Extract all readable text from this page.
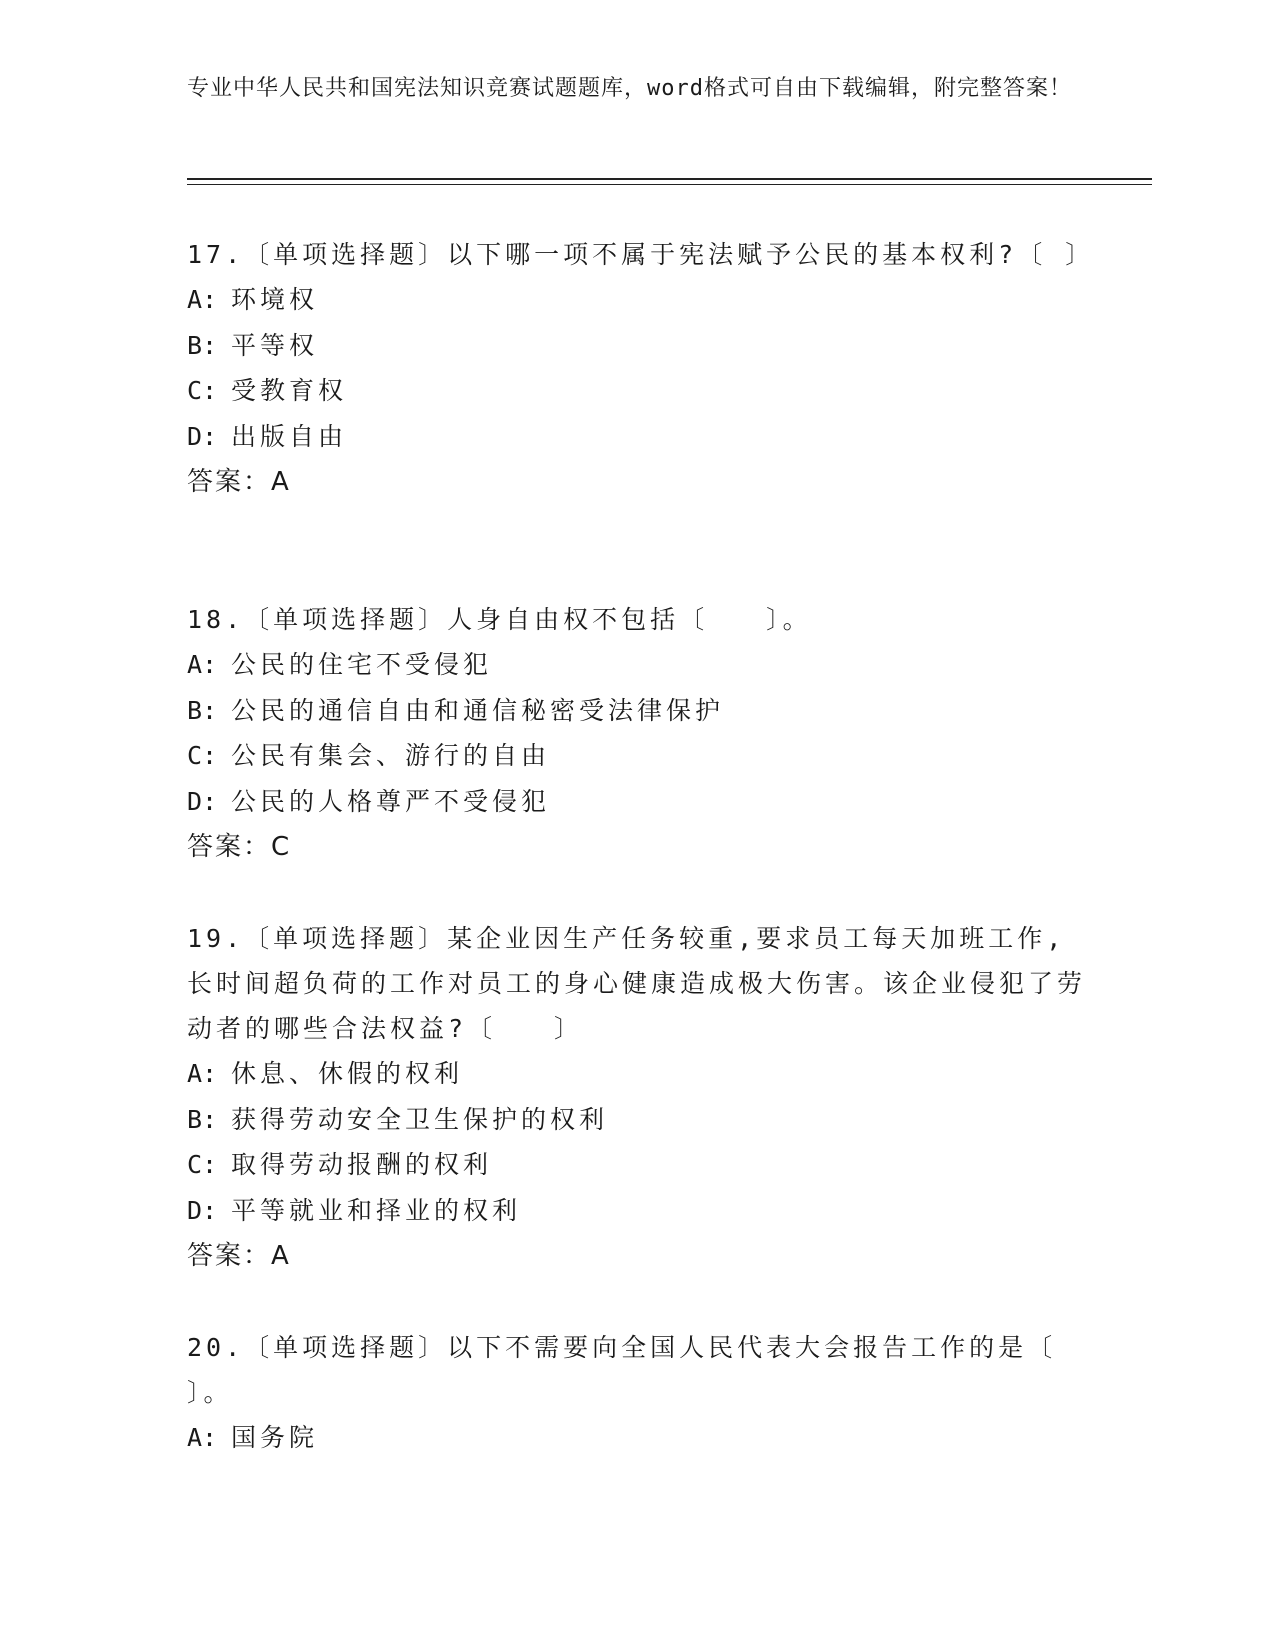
专业中华人民共和国宪法知识竞赛试题题库，word格式可自由下载编辑，附完整答案！

17.〔单项选择题〕以下哪一项不属于宪法赋予公民的基本权利?〔 〕

A: 环境权

B: 平等权

C: 受教育权

D: 出版自由

答案：A

18.〔单项选择题〕人身自由权不包括〔　　〕。

A: 公民的住宅不受侵犯

B: 公民的通信自由和通信秘密受法律保护

C: 公民有集会、游行的自由

D: 公民的人格尊严不受侵犯

答案：C

19.〔单项选择题〕某企业因生产任务较重,要求员工每天加班工作,长时间超负荷的工作对员工的身心健康造成极大伤害。该企业侵犯了劳动者的哪些合法权益?〔　　〕

A: 休息、休假的权利

B: 获得劳动安全卫生保护的权利

C: 取得劳动报酬的权利

D: 平等就业和择业的权利

答案：A

20.〔单项选择题〕以下不需要向全国人民代表大会报告工作的是〔 〕。

A: 国务院
